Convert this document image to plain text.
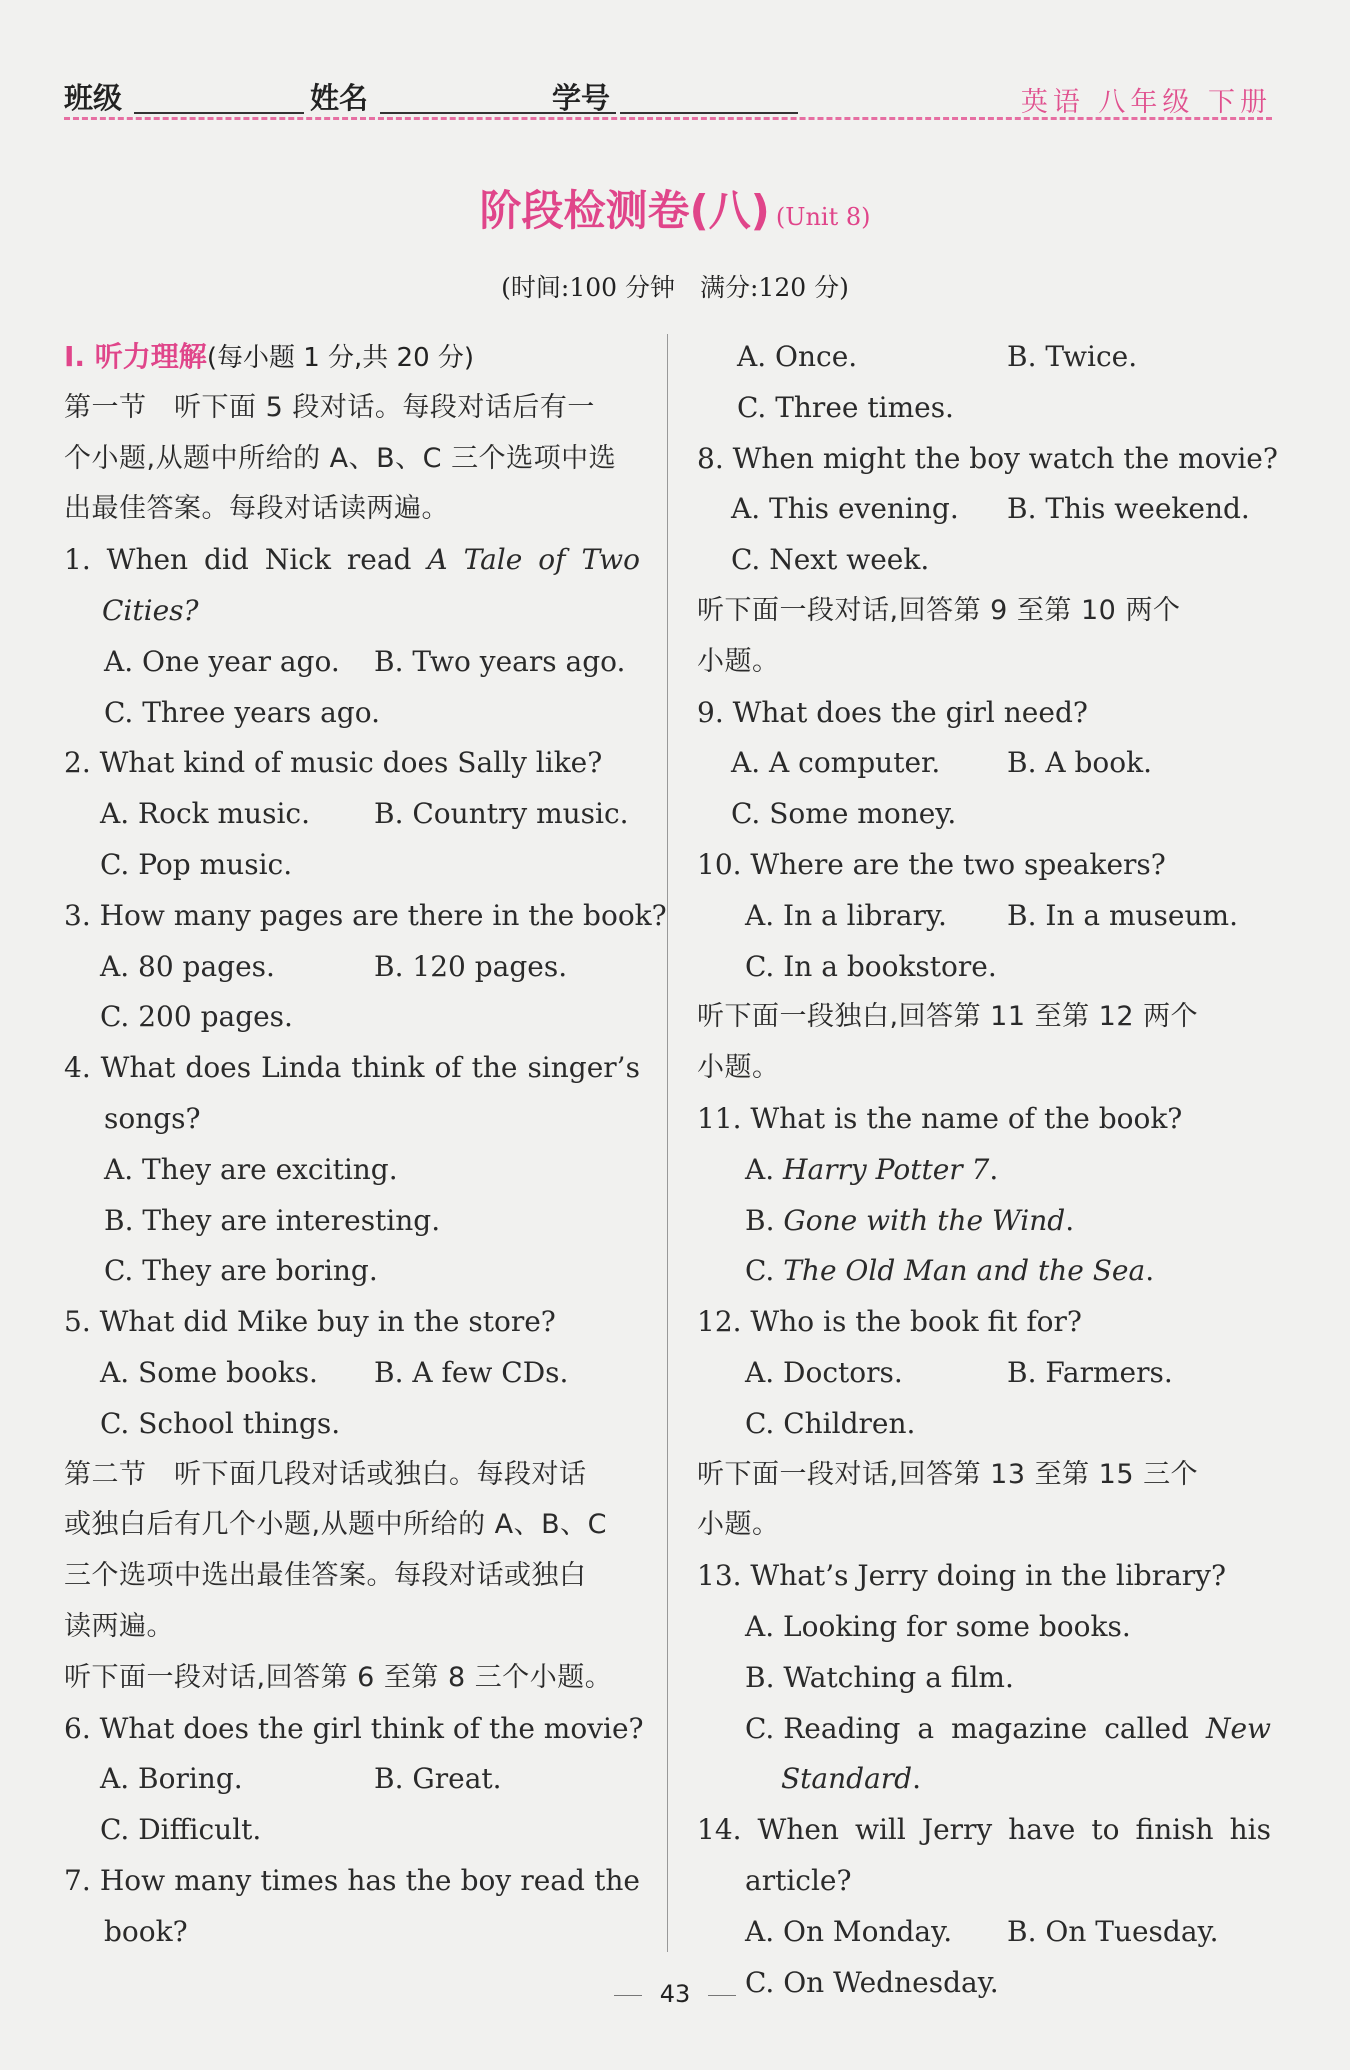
班级	姓名	学号	英语 八年级 下册
阶段检测卷(八) (Unit 8)
(时间:100 分钟　满分:120 分)
Ⅰ. 听力理解(每小题 1 分,共 20 分)
第一节　听下面 5 段对话。每段对话后有一
个小题,从题中所给的 A、B、C 三个选项中选
出最佳答案。每段对话读两遍。
1. When did Nick read A Tale of Two
Cities?
A. One year ago. B. Two years ago.
C. Three years ago.
2. What kind of music does Sally like?
A. Rock music. B. Country music.
C. Pop music.
3. How many pages are there in the book?
A. 80 pages.	B. 120 pages.
C. 200 pages.
4. What does Linda think of the singer’s
songs?
A. They are exciting.
B. They are interesting.
C. They are boring.
5. What did Mike buy in the store?
A. Some books. B. A few CDs.
C. School things.
第二节　听下面几段对话或独白。每段对话
或独白后有几个小题,从题中所给的 A、B、C
三个选项中选出最佳答案。每段对话或独白
读两遍。
听下面一段对话,回答第 6 至第 8 三个小题。
6. What does the girl think of the movie?
A. Boring.	B. Great.
C. Difficult.
7. How many times has the boy read the
book?
A. Once.	B. Twice.
C. Three times.
8. When might the boy watch the movie?
A. This evening. B. This weekend.
C. Next week.
听下面一段对话,回答第 9 至第 10 两个
小题。
9. What does the girl need?
A. A computer. B. A book.
C. Some money.
10. Where are the two speakers?
A. In a library. B. In a museum.
C. In a bookstore.
听下面一段独白,回答第 11 至第 12 两个
小题。
11. What is the name of the book?
A. Harry Potter 7.
B. Gone with the Wind.
C. The Old Man and the Sea.
12. Who is the book fit for?
A. Doctors.	B. Farmers.
C. Children.
听下面一段对话,回答第 13 至第 15 三个
小题。
13. What’s Jerry doing in the library?
A. Looking for some books.
B. Watching a film.
C. Reading a magazine called New
Standard.
14. When will Jerry have to finish his
article?
A. On Monday. B. On Tuesday.
C. On Wednesday.
43
